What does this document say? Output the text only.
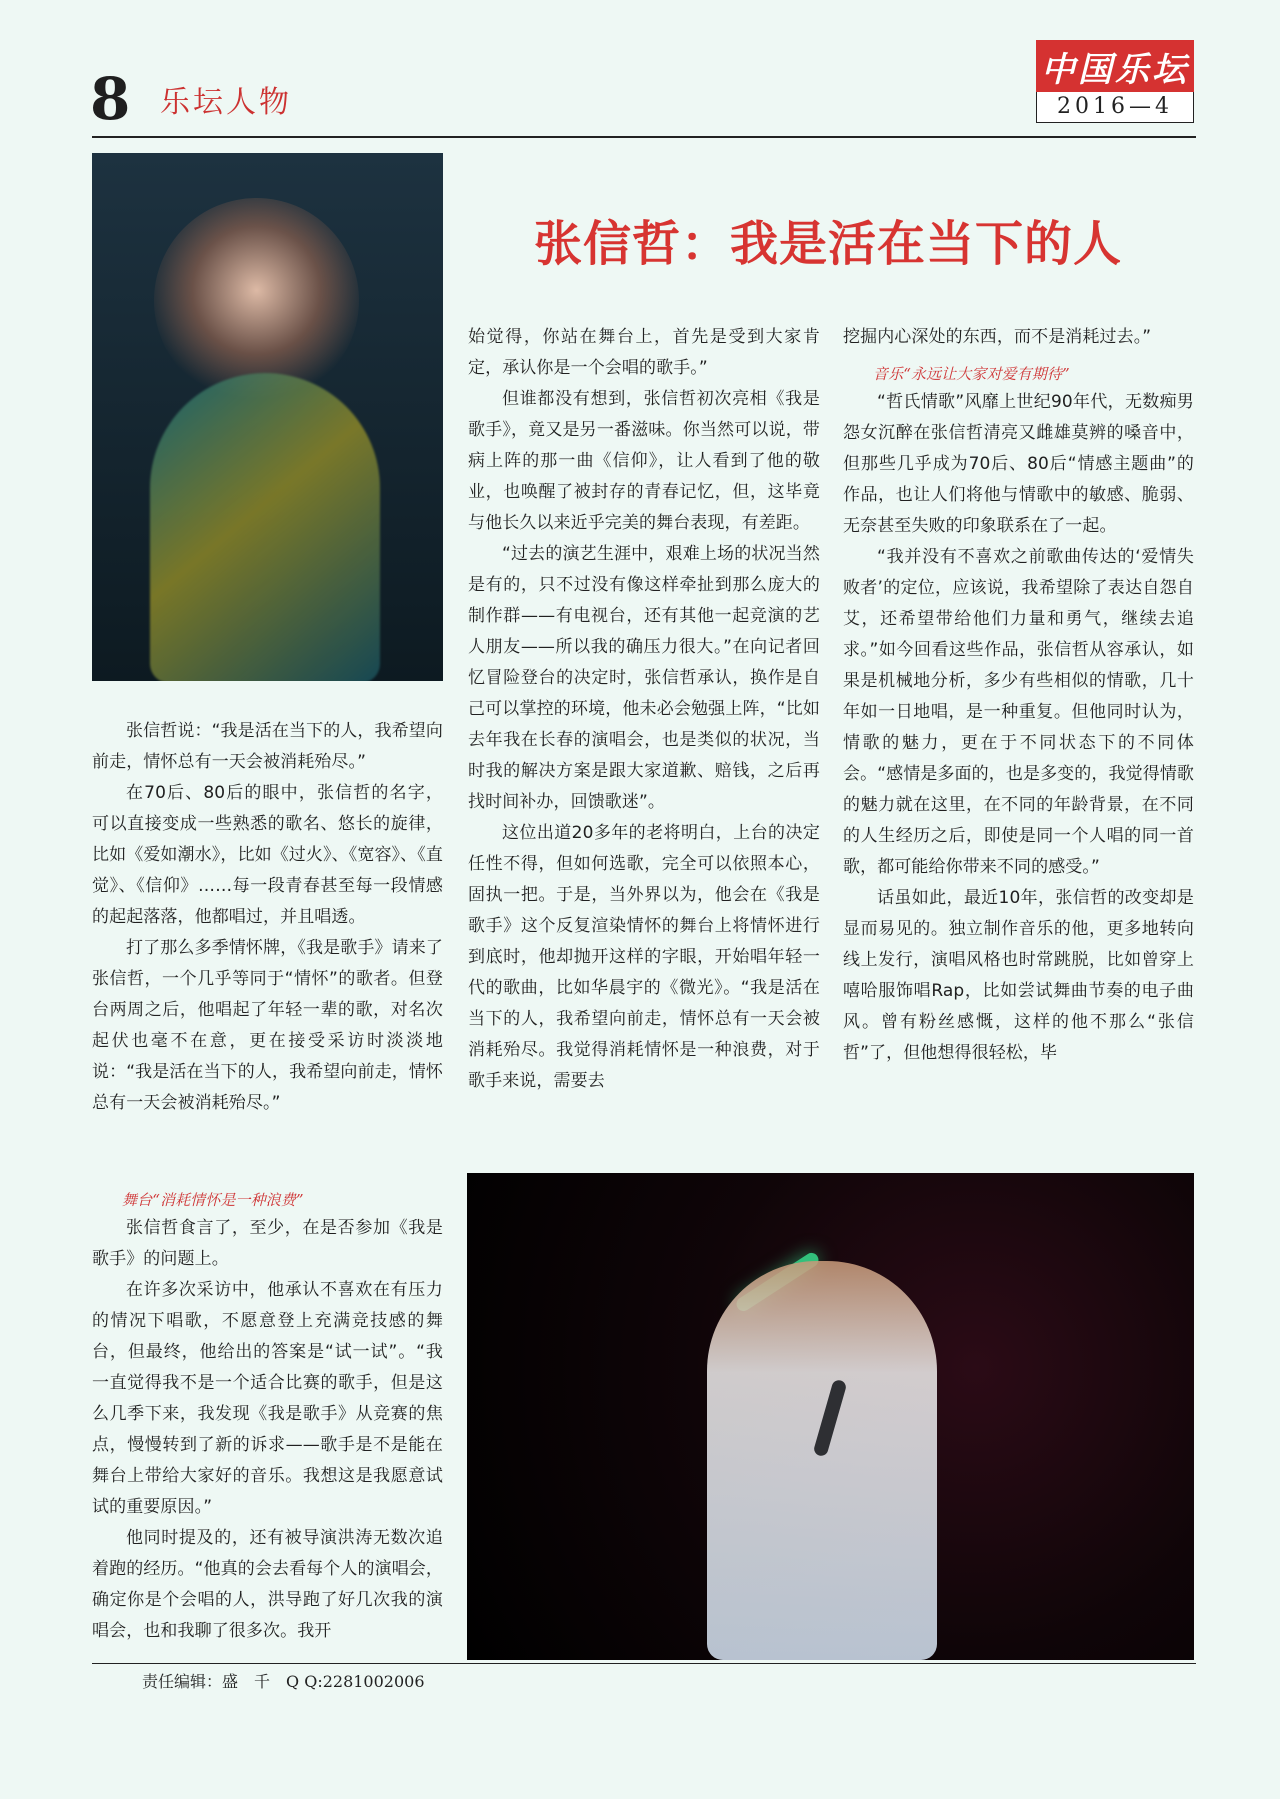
8 乐坛人物
中国乐坛
2016—4
张信哲：我是活在当下的人

张信哲说：“我是活在当下的人，我希望向前走，情怀总有一天会被消耗殆尽。”

在70后、80后的眼中，张信哲的名字，可以直接变成一些熟悉的歌名、悠长的旋律，比如《爱如潮水》，比如《过火》、《宽容》、《直觉》、《信仰》……每一段青春甚至每一段情感的起起落落，他都唱过，并且唱透。

打了那么多季情怀牌，《我是歌手》请来了张信哲，一个几乎等同于“情怀”的歌者。但登台两周之后，他唱起了年轻一辈的歌，对名次起伏也毫不在意，更在接受采访时淡淡地说：“我是活在当下的人，我希望向前走，情怀总有一天会被消耗殆尽。”

舞台“消耗情怀是一种浪费”

张信哲食言了，至少，在是否参加《我是歌手》的问题上。

在许多次采访中，他承认不喜欢在有压力的情况下唱歌，不愿意登上充满竞技感的舞台，但最终，他给出的答案是“试一试”。“我一直觉得我不是一个适合比赛的歌手，但是这么几季下来，我发现《我是歌手》从竞赛的焦点，慢慢转到了新的诉求——歌手是不是能在舞台上带给大家好的音乐。我想这是我愿意试试的重要原因。”

他同时提及的，还有被导演洪涛无数次追着跑的经历。“他真的会去看每个人的演唱会，确定你是个会唱的人，洪导跑了好几次我的演唱会，也和我聊了很多次。我开

始觉得，你站在舞台上，首先是受到大家肯定，承认你是一个会唱的歌手。”

但谁都没有想到，张信哲初次亮相《我是歌手》，竟又是另一番滋味。你当然可以说，带病上阵的那一曲《信仰》，让人看到了他的敬业，也唤醒了被封存的青春记忆，但，这毕竟与他长久以来近乎完美的舞台表现，有差距。

“过去的演艺生涯中，艰难上场的状况当然是有的，只不过没有像这样牵扯到那么庞大的制作群——有电视台，还有其他一起竞演的艺人朋友——所以我的确压力很大。”在向记者回忆冒险登台的决定时，张信哲承认，换作是自己可以掌控的环境，他未必会勉强上阵，“比如去年我在长春的演唱会，也是类似的状况，当时我的解决方案是跟大家道歉、赔钱，之后再找时间补办，回馈歌迷”。

这位出道20多年的老将明白，上台的决定任性不得，但如何选歌，完全可以依照本心，固执一把。于是，当外界以为，他会在《我是歌手》这个反复渲染情怀的舞台上将情怀进行到底时，他却抛开这样的字眼，开始唱年轻一代的歌曲，比如华晨宇的《微光》。“我是活在当下的人，我希望向前走，情怀总有一天会被消耗殆尽。我觉得消耗情怀是一种浪费，对于歌手来说，需要去

挖掘内心深处的东西，而不是消耗过去。”

音乐“永远让大家对爱有期待”

“哲氏情歌”风靡上世纪90年代，无数痴男怨女沉醉在张信哲清亮又雌雄莫辨的嗓音中，但那些几乎成为70后、80后“情感主题曲”的作品，也让人们将他与情歌中的敏感、脆弱、无奈甚至失败的印象联系在了一起。

“我并没有不喜欢之前歌曲传达的‘爱情失败者’的定位，应该说，我希望除了表达自怨自艾，还希望带给他们力量和勇气，继续去追求。”如今回看这些作品，张信哲从容承认，如果是机械地分析，多少有些相似的情歌，几十年如一日地唱，是一种重复。但他同时认为，情歌的魅力，更在于不同状态下的不同体会。“感情是多面的，也是多变的，我觉得情歌的魅力就在这里，在不同的年龄背景，在不同的人生经历之后，即使是同一个人唱的同一首歌，都可能给你带来不同的感受。”

话虽如此，最近10年，张信哲的改变却是显而易见的。独立制作音乐的他，更多地转向线上发行，演唱风格也时常跳脱，比如曾穿上嘻哈服饰唱Rap，比如尝试舞曲节奏的电子曲风。曾有粉丝感慨，这样的他不那么“张信哲”了，但他想得很轻松，毕

责任编辑：盛　千　Q Q:2281002006
